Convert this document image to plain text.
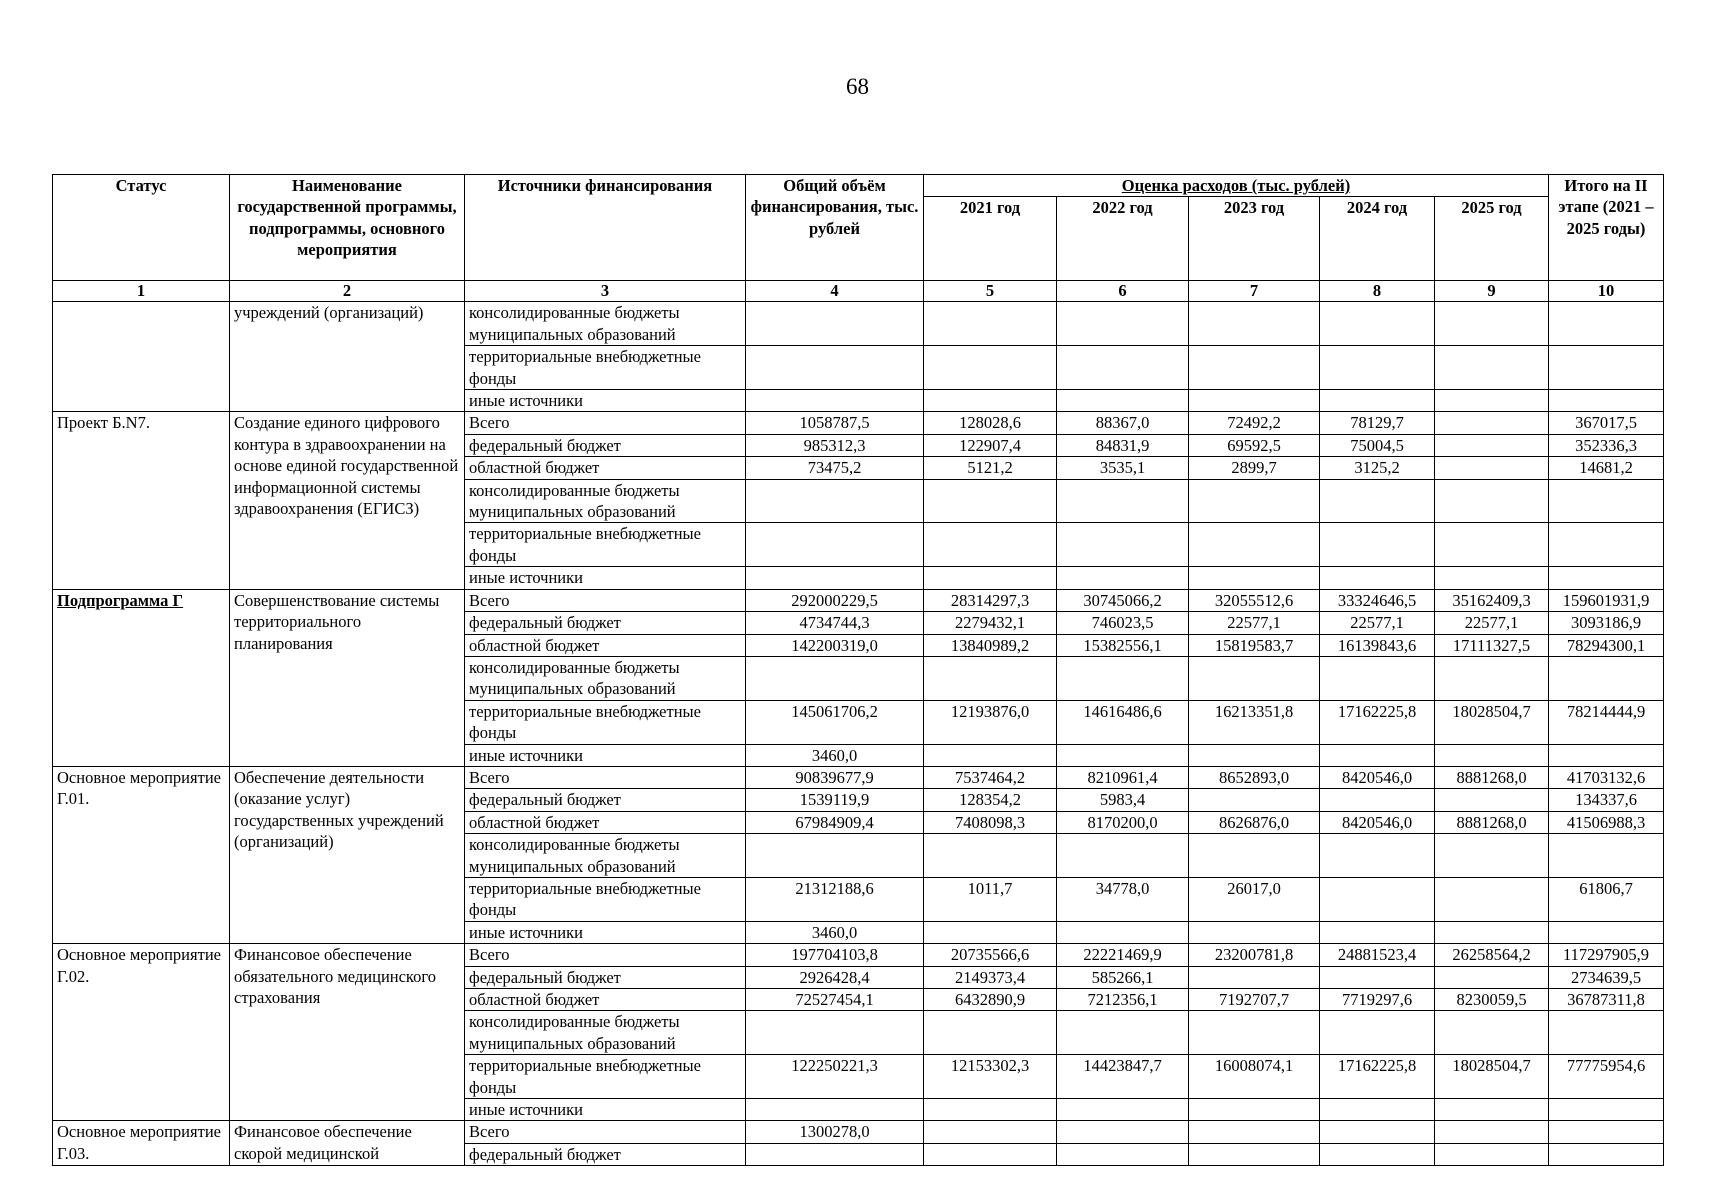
68
Статус	Наименование государственной программы, подпрограммы, основного мероприятия	Источники финансирования	Общий объём финансирования, тыс. рублей	Оценка расходов (тыс. рублей)					Итого на II этапе (2021 – 2025 годы)
				2021 год	2022 год	2023 год	2024 год	2025 год	
1	2	3	4	5	6	7	8	9	10
	учреждений (организаций)	консолидированные бюджеты муниципальных образований							
		территориальные внебюджетные фонды							
		иные источники							
Проект Б.N7.	Создание единого цифрового контура в здравоохранении на основе единой государственной информационной системы здравоохранения (ЕГИСЗ)	Всего	1058787,5	128028,6	88367,0	72492,2	78129,7		367017,5
		федеральный бюджет	985312,3	122907,4	84831,9	69592,5	75004,5		352336,3
		областной бюджет	73475,2	5121,2	3535,1	2899,7	3125,2		14681,2
		консолидированные бюджеты муниципальных образований							
		территориальные внебюджетные фонды							
		иные источники							
Подпрограмма Г	Совершенствование системы территориального планирования	Всего	292000229,5	28314297,3	30745066,2	32055512,6	33324646,5	35162409,3	159601931,9
		федеральный бюджет	4734744,3	2279432,1	746023,5	22577,1	22577,1	22577,1	3093186,9
		областной бюджет	142200319,0	13840989,2	15382556,1	15819583,7	16139843,6	17111327,5	78294300,1
		консолидированные бюджеты муниципальных образований							
		территориальные внебюджетные фонды	145061706,2	12193876,0	14616486,6	16213351,8	17162225,8	18028504,7	78214444,9
		иные источники	3460,0						
Основное мероприятие Г.01.	Обеспечение деятельности (оказание услуг) государственных учреждений (организаций)	Всего	90839677,9	7537464,2	8210961,4	8652893,0	8420546,0	8881268,0	41703132,6
		федеральный бюджет	1539119,9	128354,2	5983,4				134337,6
		областной бюджет	67984909,4	7408098,3	8170200,0	8626876,0	8420546,0	8881268,0	41506988,3
		консолидированные бюджеты муниципальных образований							
		территориальные внебюджетные фонды	21312188,6	1011,7	34778,0	26017,0			61806,7
		иные источники	3460,0						
Основное мероприятие Г.02.	Финансовое обеспечение обязательного медицинского страхования	Всего	197704103,8	20735566,6	22221469,9	23200781,8	24881523,4	26258564,2	117297905,9
		федеральный бюджет	2926428,4	2149373,4	585266,1				2734639,5
		областной бюджет	72527454,1	6432890,9	7212356,1	7192707,7	7719297,6	8230059,5	36787311,8
		консолидированные бюджеты муниципальных образований							
		территориальные внебюджетные фонды	122250221,3	12153302,3	14423847,7	16008074,1	17162225,8	18028504,7	77775954,6
		иные источники							
Основное мероприятие Г.03.	Финансовое обеспечение скорой медицинской	Всего	1300278,0						
		федеральный бюджет							
